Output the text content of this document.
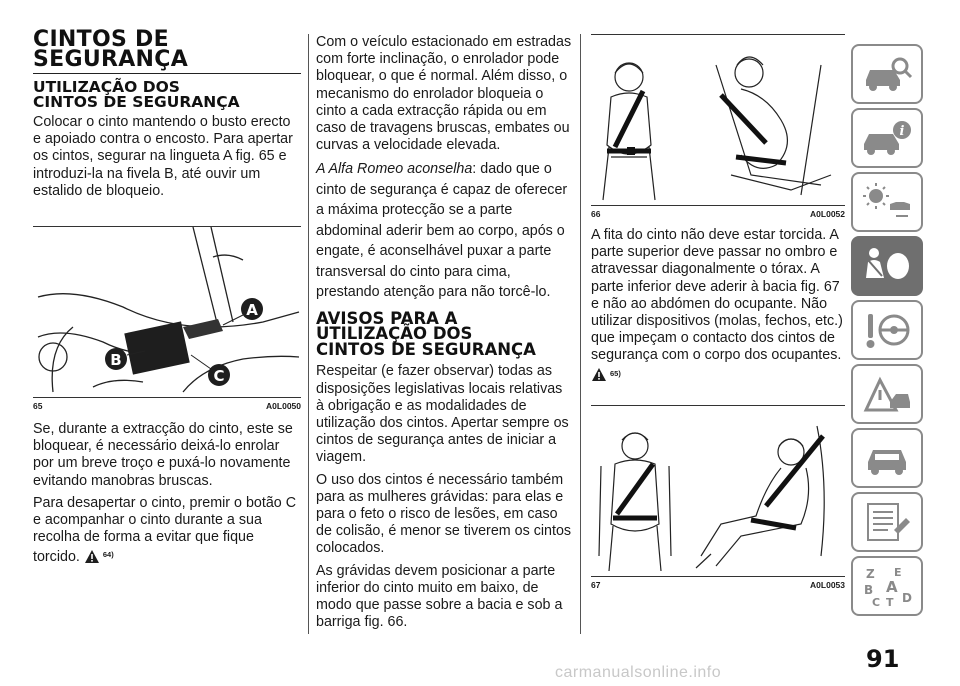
CINTOS DE
SEGURANÇA
UTILIZAÇÃO DOS
CINTOS DE SEGURANÇA

Colocar o cinto mantendo o busto erecto e apoiado contra o encosto. Para apertar os cintos, segurar na lingueta A fig. 65 e introduzi-la na fivela B, até ouvir um estalido de bloqueio.

A
B
C
65	A0L0050

Se, durante a extracção do cinto, este se bloquear, é necessário deixá-lo enrolar por um breve troço e puxá-lo novamente evitando manobras bruscas.

Para desapertar o cinto, premir o botão C e acompanhar o cinto durante a sua recolha de forma a evitar que fique torcido.	64)

Com o veículo estacionado em estradas com forte inclinação, o enrolador pode bloquear, o que é normal. Além disso, o mecanismo do enrolador bloqueia o cinto a cada extracção rápida ou em caso de travagens bruscas, embates ou curvas a velocidade elevada.

A Alfa Romeo aconselha: dado que o cinto de segurança é capaz de oferecer a máxima protecção se a parte abdominal aderir bem ao corpo, após o engate, é aconselhável puxar a parte transversal do cinto para cima, prestando atenção para não torcê-lo.

AVISOS PARA A
UTILIZAÇÃO DOS
CINTOS DE SEGURANÇA

Respeitar (e fazer observar) todas as disposições legislativas locais relativas à obrigação e as modalidades de utilização dos cintos. Apertar sempre os cintos de segurança antes de iniciar a viagem.

O uso dos cintos é necessário também para as mulheres grávidas: para elas e para o feto o risco de lesões, em caso de colisão, é menor se tiverem os cintos colocados.

As grávidas devem posicionar a parte inferior do cinto muito em baixo, de modo que passe sobre a bacia e sob a barriga fig. 66.

66	A0L0052

A fita do cinto não deve estar torcida. A parte superior deve passar no ombro e atravessar diagonalmente o tórax. A parte inferior deve aderir à bacia fig. 67 e não ao abdómen do ocupante. Não utilizar dispositivos (molas, fechos, etc.) que impeçam o contacto dos cintos de segurança com o corpo dos ocupantes.
65)

67	A0L0053
i
Z E
B A
C T D
91
carmanualsonline.info
